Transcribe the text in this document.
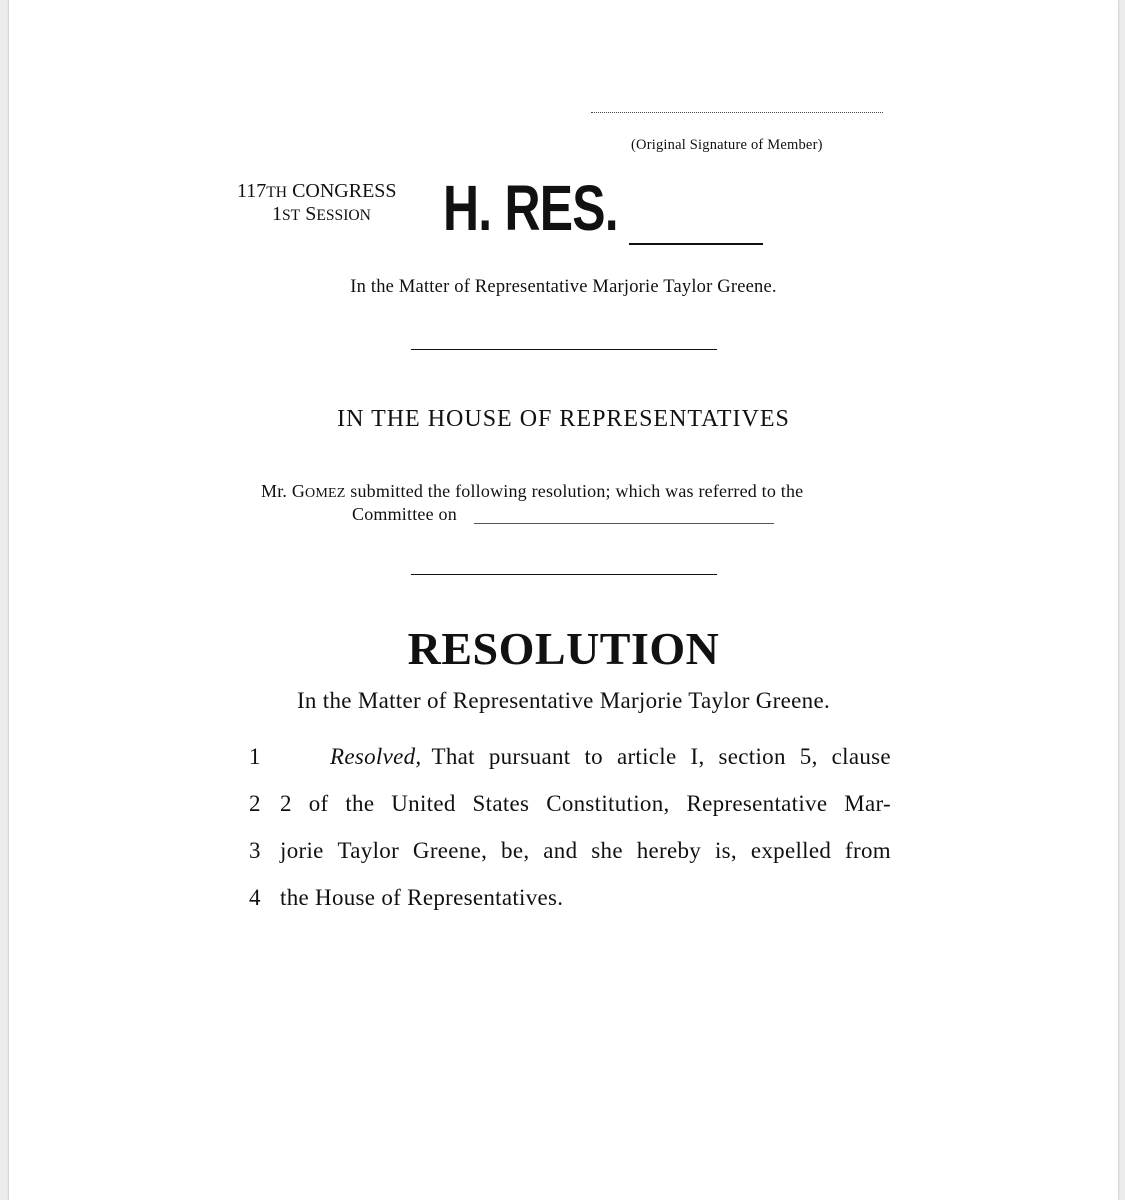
(Original Signature of Member)
117TH CONGRESS
1ST SESSION H. RES.
In the Matter of Representative Marjorie Taylor Greene.
IN THE HOUSE OF REPRESENTATIVES
Mr. GOMEZ submitted the following resolution; which was referred to the
Committee on
RESOLUTION
In the Matter of Representative Marjorie Taylor Greene.
1	Resolved, That pursuant to article I, section 5, clause
2 2 of the United States Constitution, Representative Mar-
3 jorie Taylor Greene, be, and she hereby is, expelled from
4 the House of Representatives.
